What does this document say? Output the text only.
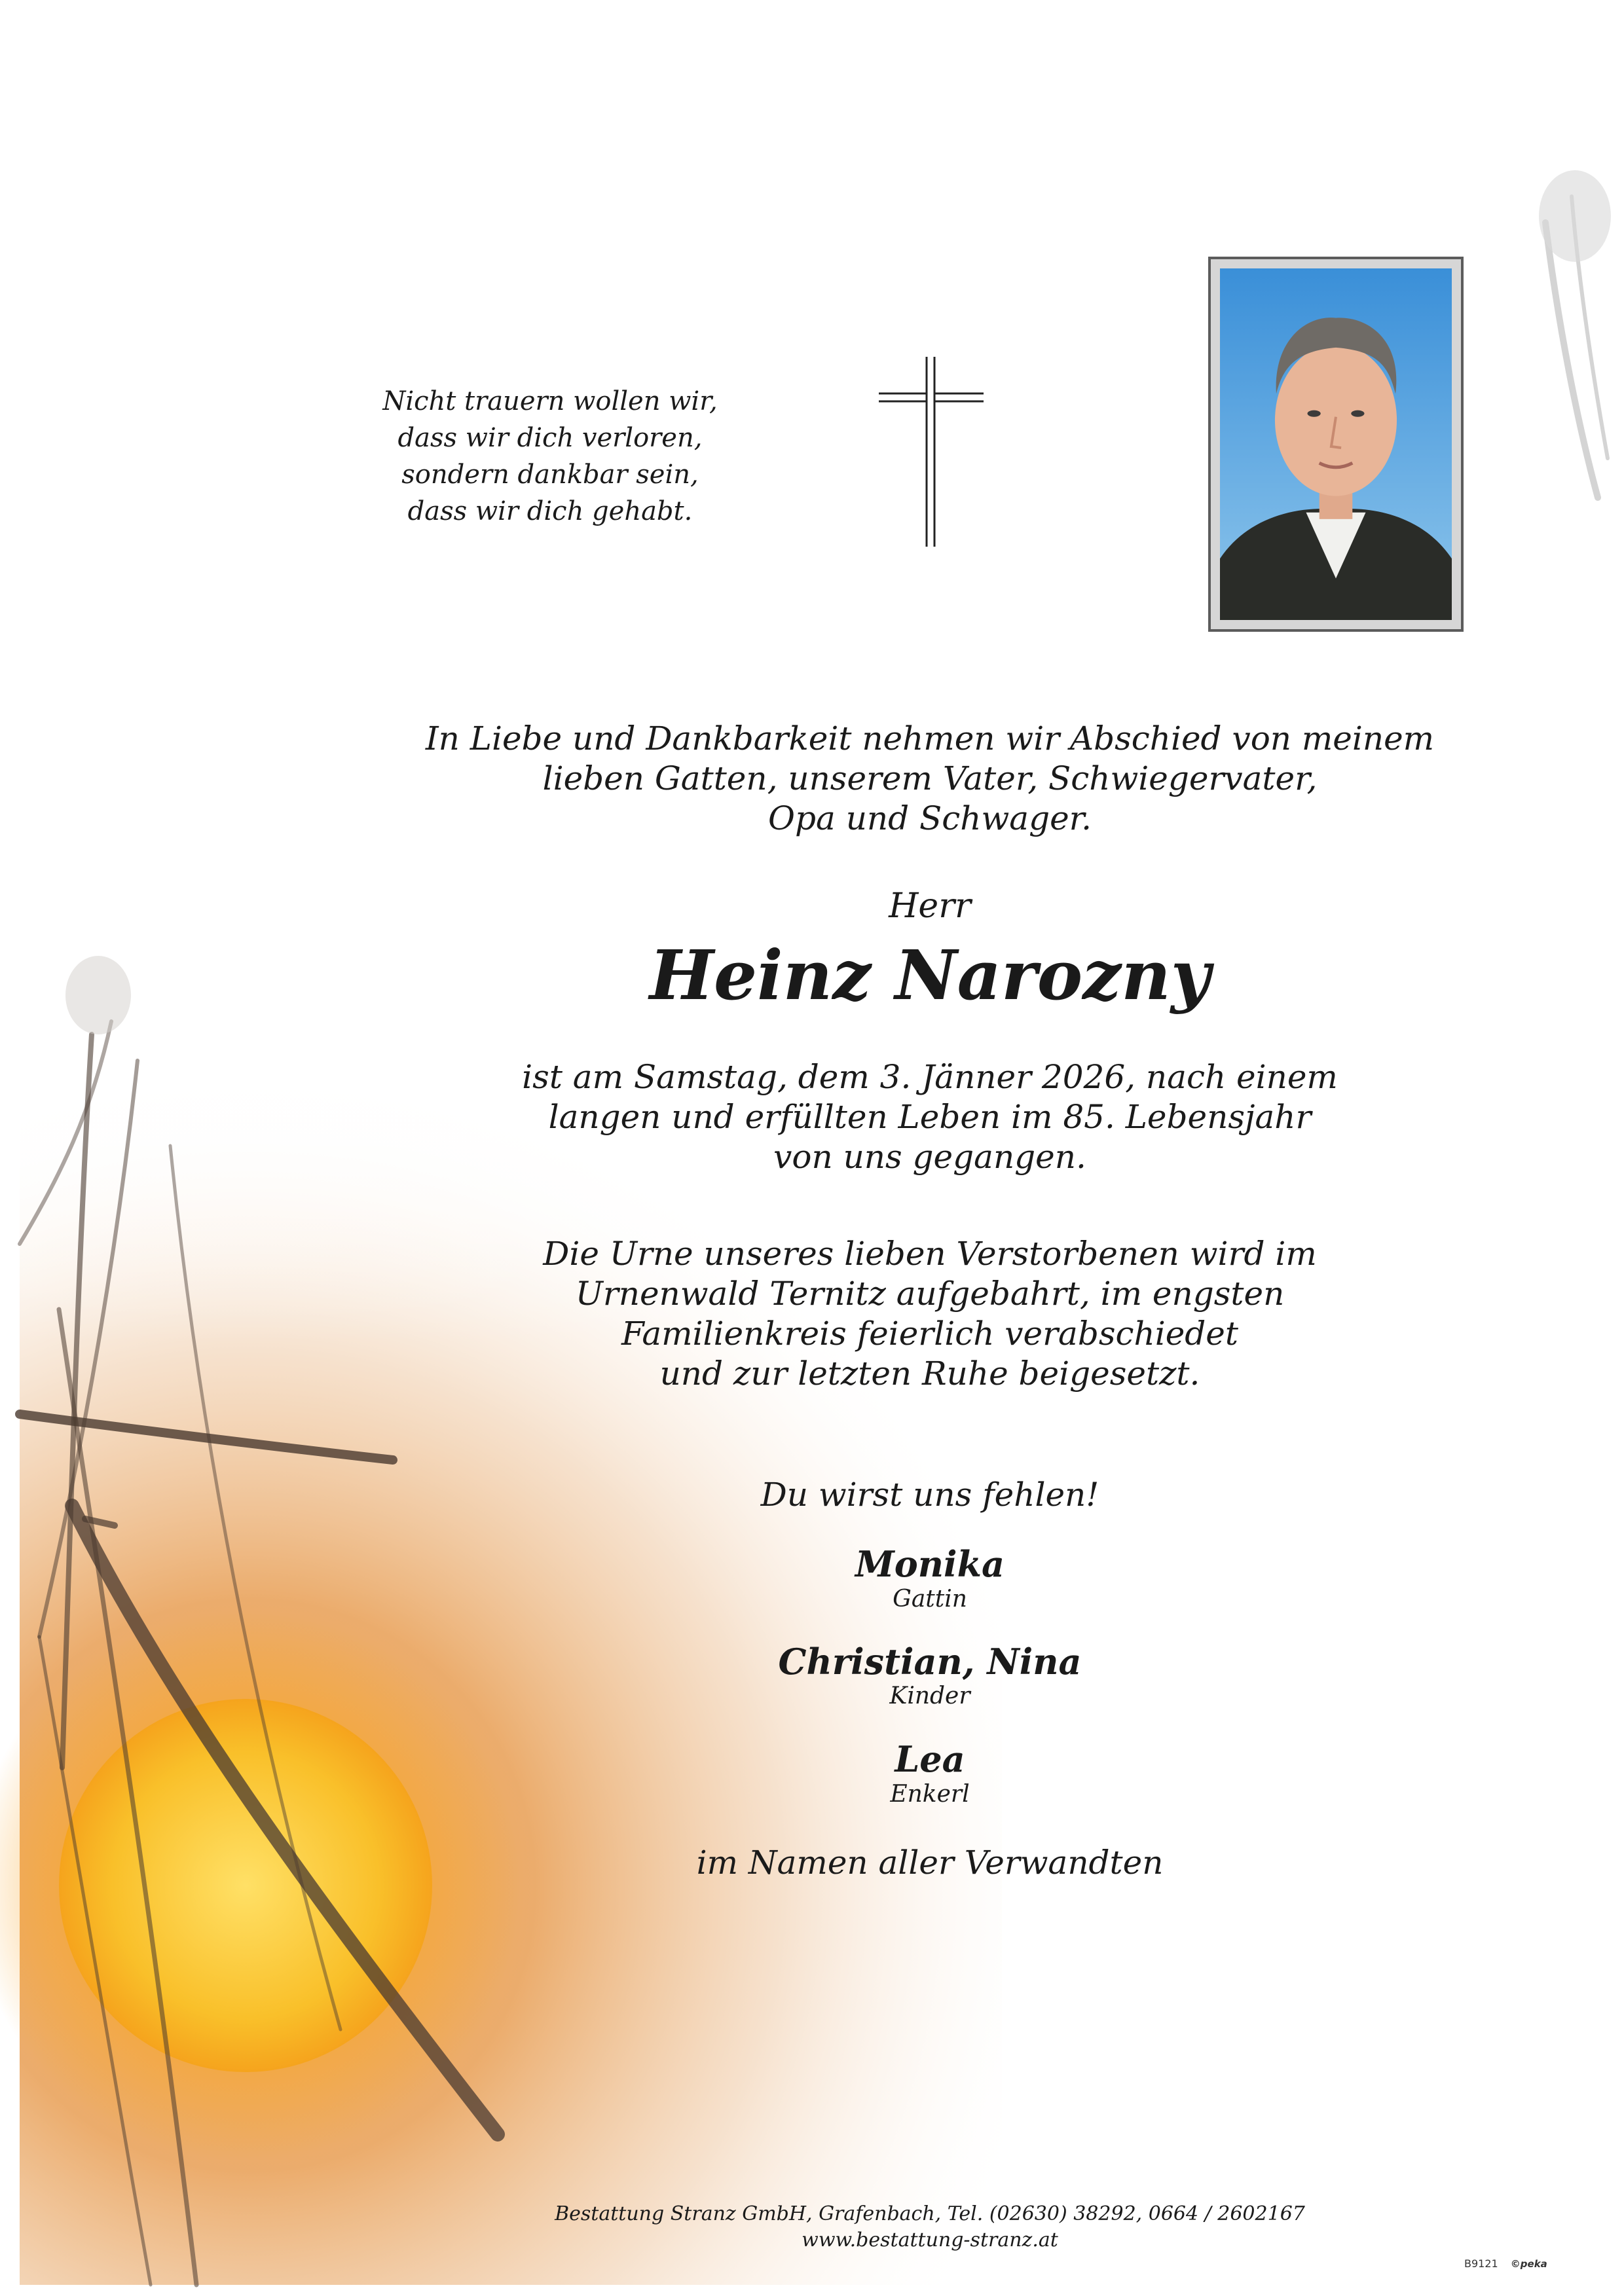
Nicht trauern wollen wir,
dass wir dich verloren,
sondern dankbar sein,
dass wir dich gehabt.
In Liebe und Dankbarkeit nehmen wir Abschied von meinem
lieben Gatten, unserem Vater, Schwiegervater,
Opa und Schwager.
Herr
Heinz Narozny
ist am Samstag, dem 3. Jänner 2026, nach einem
langen und erfüllten Leben im 85. Lebensjahr
von uns gegangen.
Die Urne unseres lieben Verstorbenen wird im
Urnenwald Ternitz aufgebahrt, im engsten
Familienkreis feierlich verabschiedet
und zur letzten Ruhe beigesetzt.
Du wirst uns fehlen!
Monika
Gattin
Christian, Nina
Kinder
Lea
Enkerl
im Namen aller Verwandten
Bestattung Stranz GmbH, Grafenbach, Tel. (02630) 38292, 0664 / 2602167
www.bestattung-stranz.at
B9121 ©peka
